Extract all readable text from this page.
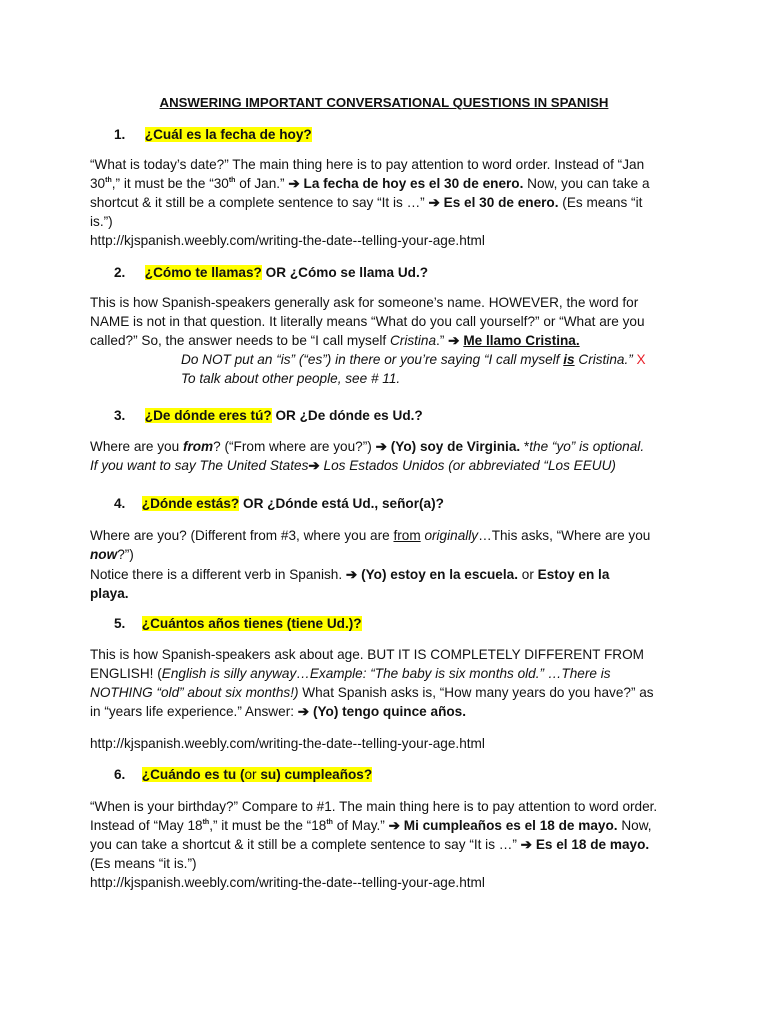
ANSWERING IMPORTANT CONVERSATIONAL QUESTIONS IN SPANISH
1. ¿Cuál es la fecha de hoy?
“What is today’s date?” The main thing here is to pay attention to word order. Instead of “Jan
30th,” it must be the “30th of Jan.” ➔ La fecha de hoy es el 30 de enero. Now, you can take a
shortcut & it still be a complete sentence to say “It is …” ➔ Es el 30 de enero. (Es means “it
is.”)
http://kjspanish.weebly.com/writing-the-date--telling-your-age.html
2. ¿Cómo te llamas? OR ¿Cómo se llama Ud.?
This is how Spanish-speakers generally ask for someone’s name. HOWEVER, the word for
NAME is not in that question. It literally means “What do you call yourself?” or “What are you
called?” So, the answer needs to be “I call myself Cristina.” ➔ Me llamo Cristina.
Do NOT put an “is” (“es”) in there or you’re saying “I call myself is Cristina.” X
To talk about other people, see # 11.
3. ¿De dónde eres tú? OR ¿De dónde es Ud.?
Where are you from? (“From where are you?”) ➔ (Yo) soy de Virginia. *the “yo” is optional.
If you want to say The United States➔ Los Estados Unidos (or abbreviated “Los EEUU)
4. ¿Dónde estás? OR ¿Dónde está Ud., señor(a)?
Where are you? (Different from #3, where you are from originally…This asks, “Where are you
now?”)
Notice there is a different verb in Spanish. ➔ (Yo) estoy en la escuela. or Estoy en la
playa.
5. ¿Cuántos años tienes (tiene Ud.)?
This is how Spanish-speakers ask about age. BUT IT IS COMPLETELY DIFFERENT FROM
ENGLISH! (English is silly anyway…Example: “The baby is six months old.” …There is
NOTHING “old” about six months!) What Spanish asks is, “How many years do you have?” as
in “years life experience.” Answer: ➔ (Yo) tengo quince años.
http://kjspanish.weebly.com/writing-the-date--telling-your-age.html
6. ¿Cuándo es tu (or su) cumpleaños?
“When is your birthday?” Compare to #1. The main thing here is to pay attention to word order.
Instead of “May 18th,” it must be the “18th of May.” ➔ Mi cumpleaños es el 18 de mayo. Now,
you can take a shortcut & it still be a complete sentence to say “It is …” ➔ Es el 18 de mayo.
(Es means “it is.”)
http://kjspanish.weebly.com/writing-the-date--telling-your-age.html
